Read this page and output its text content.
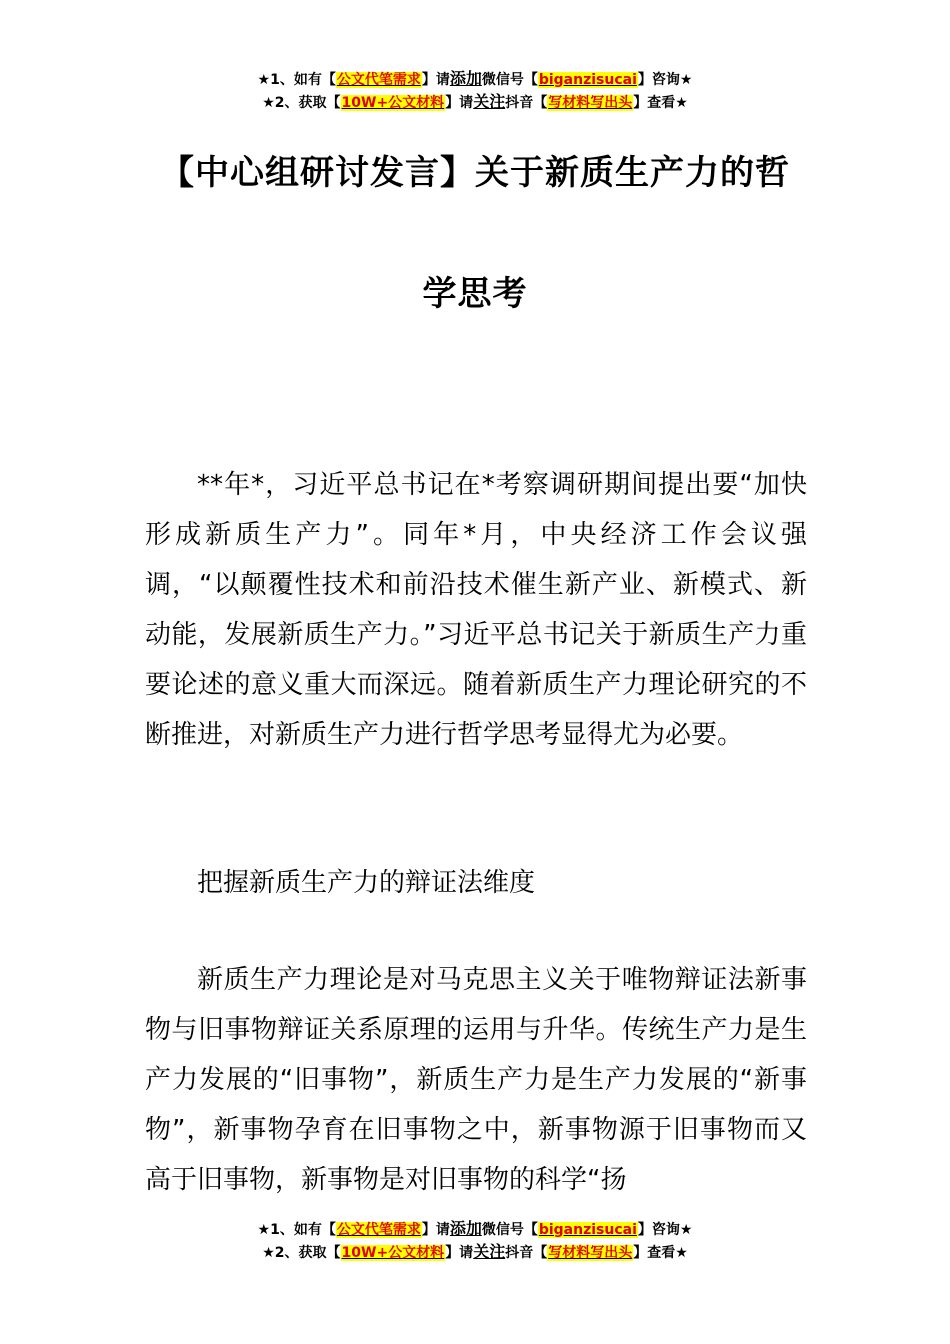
★1、如有【公文代笔需求】请添加微信号【biganzisucai】咨询★
★2、获取【10W+公文材料】请关注抖音【写材料写出头】查看★
【中心组研讨发言】关于新质生产力的哲
学思考

**年*，习近平总书记在*考察调研期间提出要“加快形成新质生产力”。同年*月，中央经济工作会议强调，“以颠覆性技术和前沿技术催生新产业、新模式、新动能，发展新质生产力。”习近平总书记关于新质生产力重要论述的意义重大而深远。随着新质生产力理论研究的不断推进，对新质生产力进行哲学思考显得尤为必要。

把握新质生产力的辩证法维度

新质生产力理论是对马克思主义关于唯物辩证法新事物与旧事物辩证关系原理的运用与升华。传统生产力是生产力发展的“旧事物”，新质生产力是生产力发展的“新事物”，新事物孕育在旧事物之中，新事物源于旧事物而又高于旧事物，新事物是对旧事物的科学“扬

★1、如有【公文代笔需求】请添加微信号【biganzisucai】咨询★
★2、获取【10W+公文材料】请关注抖音【写材料写出头】查看★
